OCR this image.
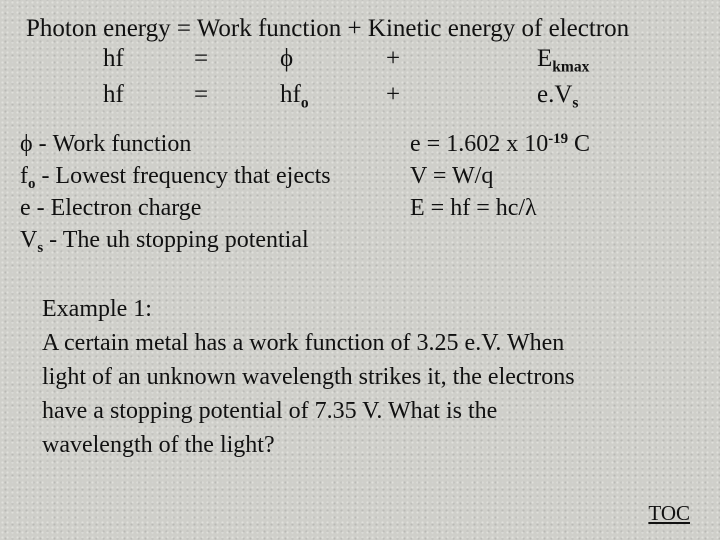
Photon energy = Work function + Kinetic energy of electron
hf	=	ϕ	+	$E_{kmax}$
hf	=	$hf_o$	+	$e.V_s$
ϕ - Work function
$f_o$ - Lowest frequency that ejects
e - Electron charge
$V_s$ - The uh stopping potential
e = 1.602 x $10^{-19}$ C
V = W/q
E = hf = hc/λ
Example 1:
A certain metal has a work function of 3.25 e.V. When
light of an unknown wavelength strikes it, the electrons
have a stopping potential of 7.35 V. What is the
wavelength of the light?
TOC
